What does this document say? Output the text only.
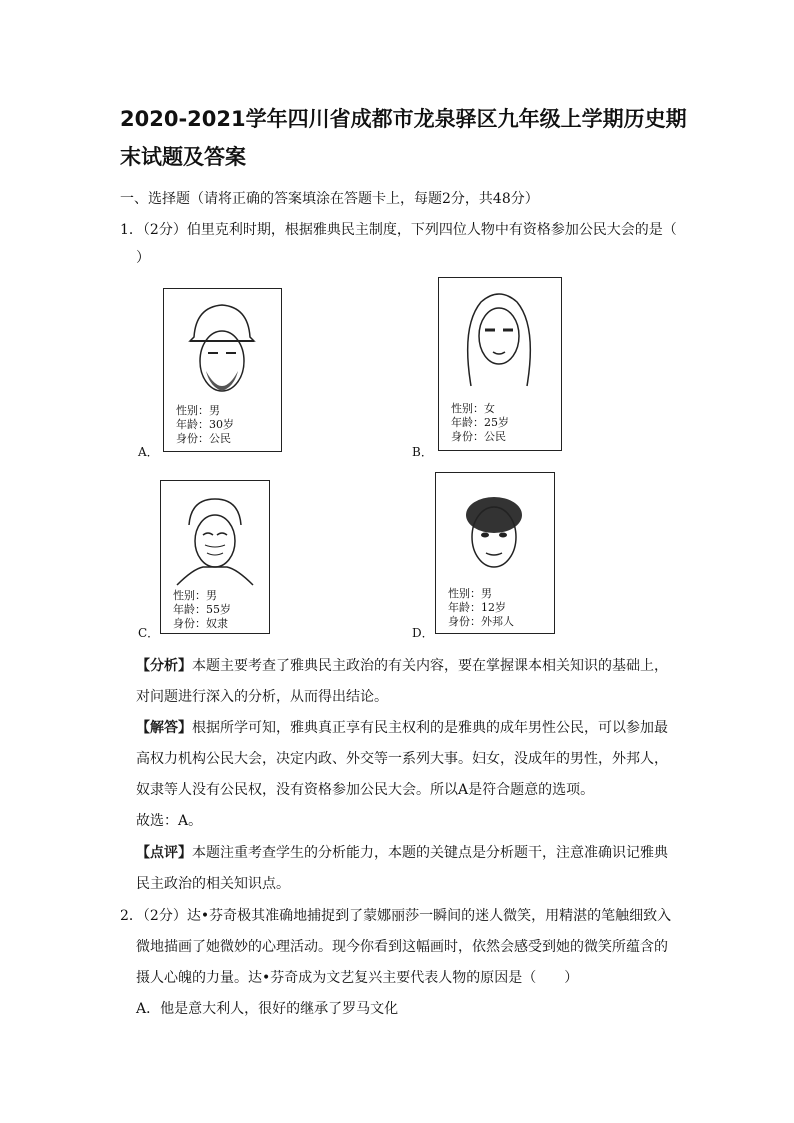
2020-2021学年四川省成都市龙泉驿区九年级上学期历史期
末试题及答案
一、选择题（请将正确的答案填涂在答题卡上，每题2分，共48分）
1．（2分）伯里克利时期，根据雅典民主制度，下列四位人物中有资格参加公民大会的是（
）
性别：男
年龄：30岁
身份：公民
A．
性别：女
年龄：25岁
身份：公民
B．
性别：男
年龄：55岁
身份：奴隶
C．
性别：男
年龄：12岁
身份：外邦人
D．
【分析】本题主要考查了雅典民主政治的有关内容，要在掌握课本相关知识的基础上，
对问题进行深入的分析，从而得出结论。
【解答】根据所学可知，雅典真正享有民主权利的是雅典的成年男性公民，可以参加最
高权力机构公民大会，决定内政、外交等一系列大事。妇女，没成年的男性，外邦人，
奴隶等人没有公民权，没有资格参加公民大会。所以A是符合题意的选项。
故选：A。
【点评】本题注重考查学生的分析能力，本题的关键点是分析题干，注意准确识记雅典
民主政治的相关知识点。
2．（2分）达•芬奇极其准确地捕捉到了蒙娜丽莎一瞬间的迷人微笑，用精湛的笔触细致入
微地描画了她微妙的心理活动。现今你看到这幅画时，依然会感受到她的微笑所蕴含的
摄人心魄的力量。达•芬奇成为文艺复兴主要代表人物的原因是（　　）
A．他是意大利人，很好的继承了罗马文化
